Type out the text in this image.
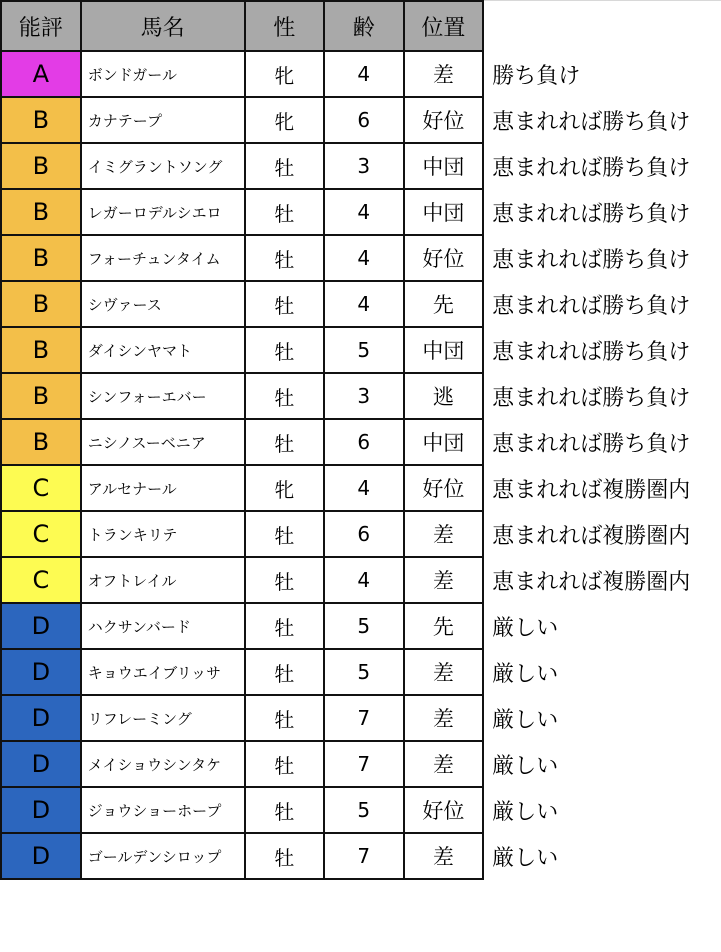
能評	馬名	性	齢	位置	
A	ボンドガール	牝	4	差	勝ち負け
B	カナテープ	牝	6	好位	恵まれれば勝ち負け
B	イミグラントソング	牡	3	中団	恵まれれば勝ち負け
B	レガーロデルシエロ	牡	4	中団	恵まれれば勝ち負け
B	フォーチュンタイム	牡	4	好位	恵まれれば勝ち負け
B	シヴァース	牡	4	先	恵まれれば勝ち負け
B	ダイシンヤマト	牡	5	中団	恵まれれば勝ち負け
B	シンフォーエバー	牡	3	逃	恵まれれば勝ち負け
B	ニシノスーベニア	牡	6	中団	恵まれれば勝ち負け
C	アルセナール	牝	4	好位	恵まれれば複勝圏内
C	トランキリテ	牡	6	差	恵まれれば複勝圏内
C	オフトレイル	牡	4	差	恵まれれば複勝圏内
D	ハクサンバード	牡	5	先	厳しい
D	キョウエイブリッサ	牡	5	差	厳しい
D	リフレーミング	牡	7	差	厳しい
D	メイショウシンタケ	牡	7	差	厳しい
D	ジョウショーホープ	牡	5	好位	厳しい
D	ゴールデンシロップ	牡	7	差	厳しい
